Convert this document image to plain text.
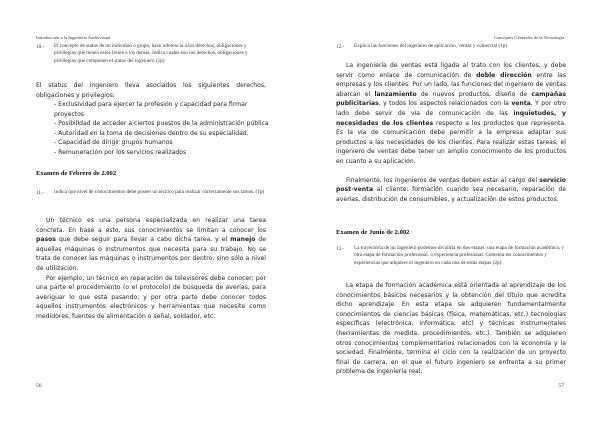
Introducción a la Ingeniería Audiovisual
10.- El concepto de status de un individuo o grupo, hace referencia a los derechos, obligaciones y privilegios que tienen estos frente a los demás. Indica cuales son los derechos, obligaciones y privilegios que componen el status del ingeniero (1p)
El status del ingeniero lleva asociados los siguientes derechos, obligaciones y privilegios:
- Exclusividad para ejercer la profesión y capacidad para firmar proyectos
- Posibilidad de acceder a ciertos puestos de la administración pública
- Autoridad en la toma de decisiones dentro de su especialidad.
- Capacidad de dirigir grupos humanos
- Remuneración por los servicios realizados
Examen de Febrero de 2.002
11.- Indica que nivel de conocimientos debe poseer un técnico para realizar correctamente sus tareas. (1p)

Un técnico es una persona especializada en realizar una tarea concreta. En base a esto, sus conocimientos se limitan a conocer los pasos que debe seguir para llevar a cabo dicha tarea, y el manejo de aquellas máquinas o instrumentos que necesita para su trabajo. No se trata de conocer las máquinas o instrumentos por dentro, sino sólo a nivel de utilización.

Por ejemplo, un técnico en reparación de televisores debe conocer; por una parte el procedimiento (o el protocolo) de búsqueda de averías, para averiguar lo que está pasando; y por otra parte debe conocer todos aquellos instrumentos electrónicos y herramientas que necesite como medidores, fuentes de alimentación o señal, soldador, etc.

56
Conceptos Generales de la Tecnología
12.- Explica las funciones del ingeniero de aplicación, ventas y comercial (1p)

La ingeniería de ventas está ligada al trato con los clientes, y debe servir como enlace de comunicación de doble dirección entre las empresas y los clientes. Por un lado, las funciones del ingeniero de ventas abarcan el lanzamiento de nuevos productos, diseño de campañas publicitarias, y todos los aspectos relacionados con la venta. Y por otro lado debe servir de vía de comunicación de las inquietudes, y necesidades de los clientes respecto a los productos que representa. Es la vía de comunicación debe permitir a la empresa adaptar sus productos a las necesidades de los clientes. Para realizar estas tareas, el ingeniero de ventas debe tener un amplio conocimiento de los productos en cuanto a su aplicación.

Finalmente, los ingenieros de ventas deben estar al cargo del servicio post-venta al cliente: formación cuando sea necesario, reparación de averías, distribución de consumibles, y actualización de estos productos.

Examen de Junio de 2.002
13.- La trayectoria de un ingeniero podemos dividirla en dos etapas: una etapa de formación académica, y otra etapa de formación profesional. o experiencia profesional. Comenta los conocimientos y experiencias que adquiere el ingeniero en cada una de estas etapas (2p)

La etapa de formación académica está orientada al aprendizaje de los conocimientos básicos necesarios y la obtención del título que acredita dicho aprendizaje. En esta etapa se adquieren fundamentalmente conocimientos de ciencias básicas (física, matemáticas, etc.) tecnologías específicas (electrónica, informática, etc) y técnicas instrumentales (herramientas de medida, procedimientos, etc.). También se adquieren otros conocimientos complementarios relacionados con la economía y la sociedad. Finalmente, termina el ciclo con la realización de un proyecto final de carrera, en el que el futuro ingeniero se enfrenta a su primer problema de ingeniería real.

57
